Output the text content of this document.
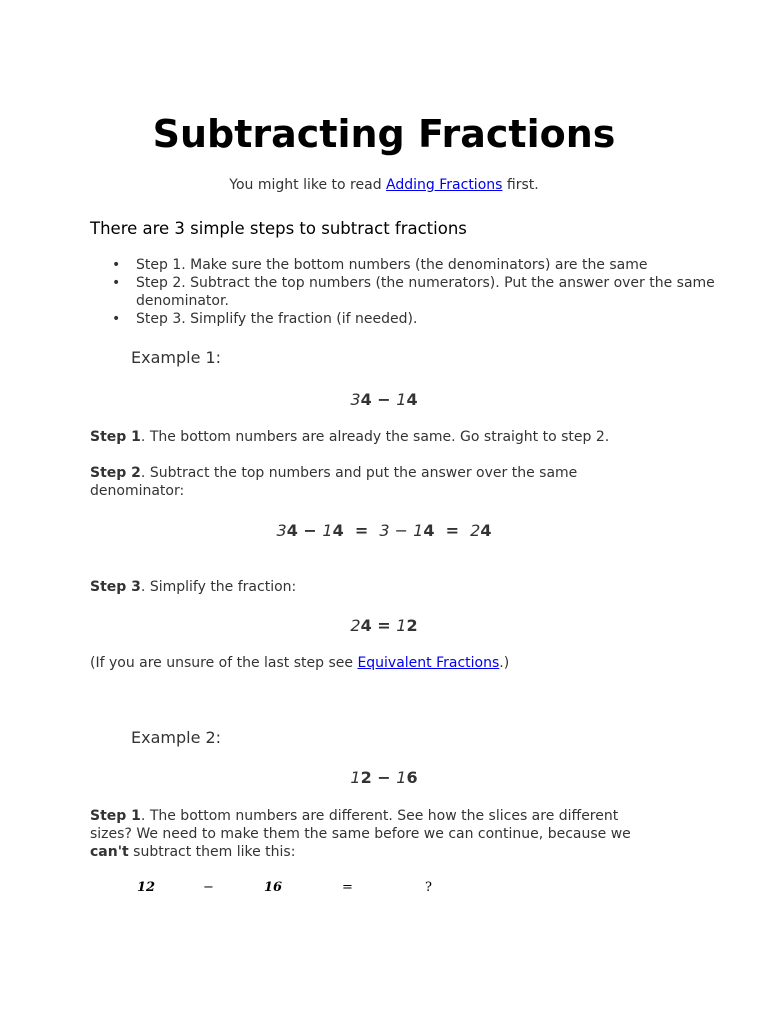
Subtracting Fractions
You might like to read Adding Fractions first.
There are 3 simple steps to subtract fractions
• Step 1. Make sure the bottom numbers (the denominators) are the same
• Step 2. Subtract the top numbers (the numerators). Put the answer over the same denominator.
• Step 3. Simplify the fraction (if needed).
Example 1:
34 − 14
Step 1. The bottom numbers are already the same. Go straight to step 2.
Step 2. Subtract the top numbers and put the answer over the same denominator:
34 − 14  =  3 − 14  =  24
Step 3. Simplify the fraction:
24 = 12
(If you are unsure of the last step see Equivalent Fractions.)
Example 2:
12 − 16
Step 1. The bottom numbers are different. See how the slices are different sizes? We need to make them the same before we can continue, because we can't subtract them like this:
12	−	16	=	?
